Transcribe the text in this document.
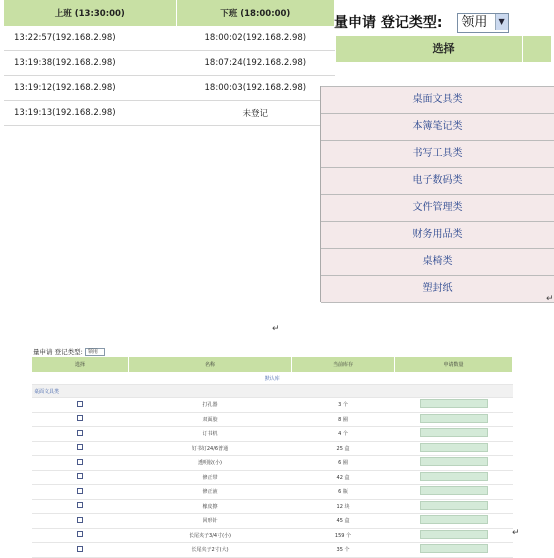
上班 (13:30:00)	下班 (18:00:00)
13:22:57(192.168.2.98)	18:00:02(192.168.2.98)
13:19:38(192.168.2.98)	18:07:24(192.168.2.98)
13:19:12(192.168.2.98)	18:00:03(192.168.2.98)
13:19:13(192.168.2.98)	未登记
量申请 登记类型: 领用 ▼
选择
桌面文具类
本簿笔记类
书写工具类
电子数码类
文件管理类
财务用品类
桌椅类
塑封纸
↵
↵
↵
量申请 登记类型: 领用
选择	名称	当前库存	申请数量
默认库			
桌面文具类			
	打孔器	3 个	
	双面胶	8 圈	
	订书机	4 个	
	钉书钉24/6普通	25 盒	
	透明胶(小)	6 圈	
	修正带	42 盒	
	修正液	6 瓶	
	橡皮擦	12 块	
	回形针	45 盒	
	长尾夹子3/4寸(小)	159 个	
	长尾夹子2寸(大)	35 个	
